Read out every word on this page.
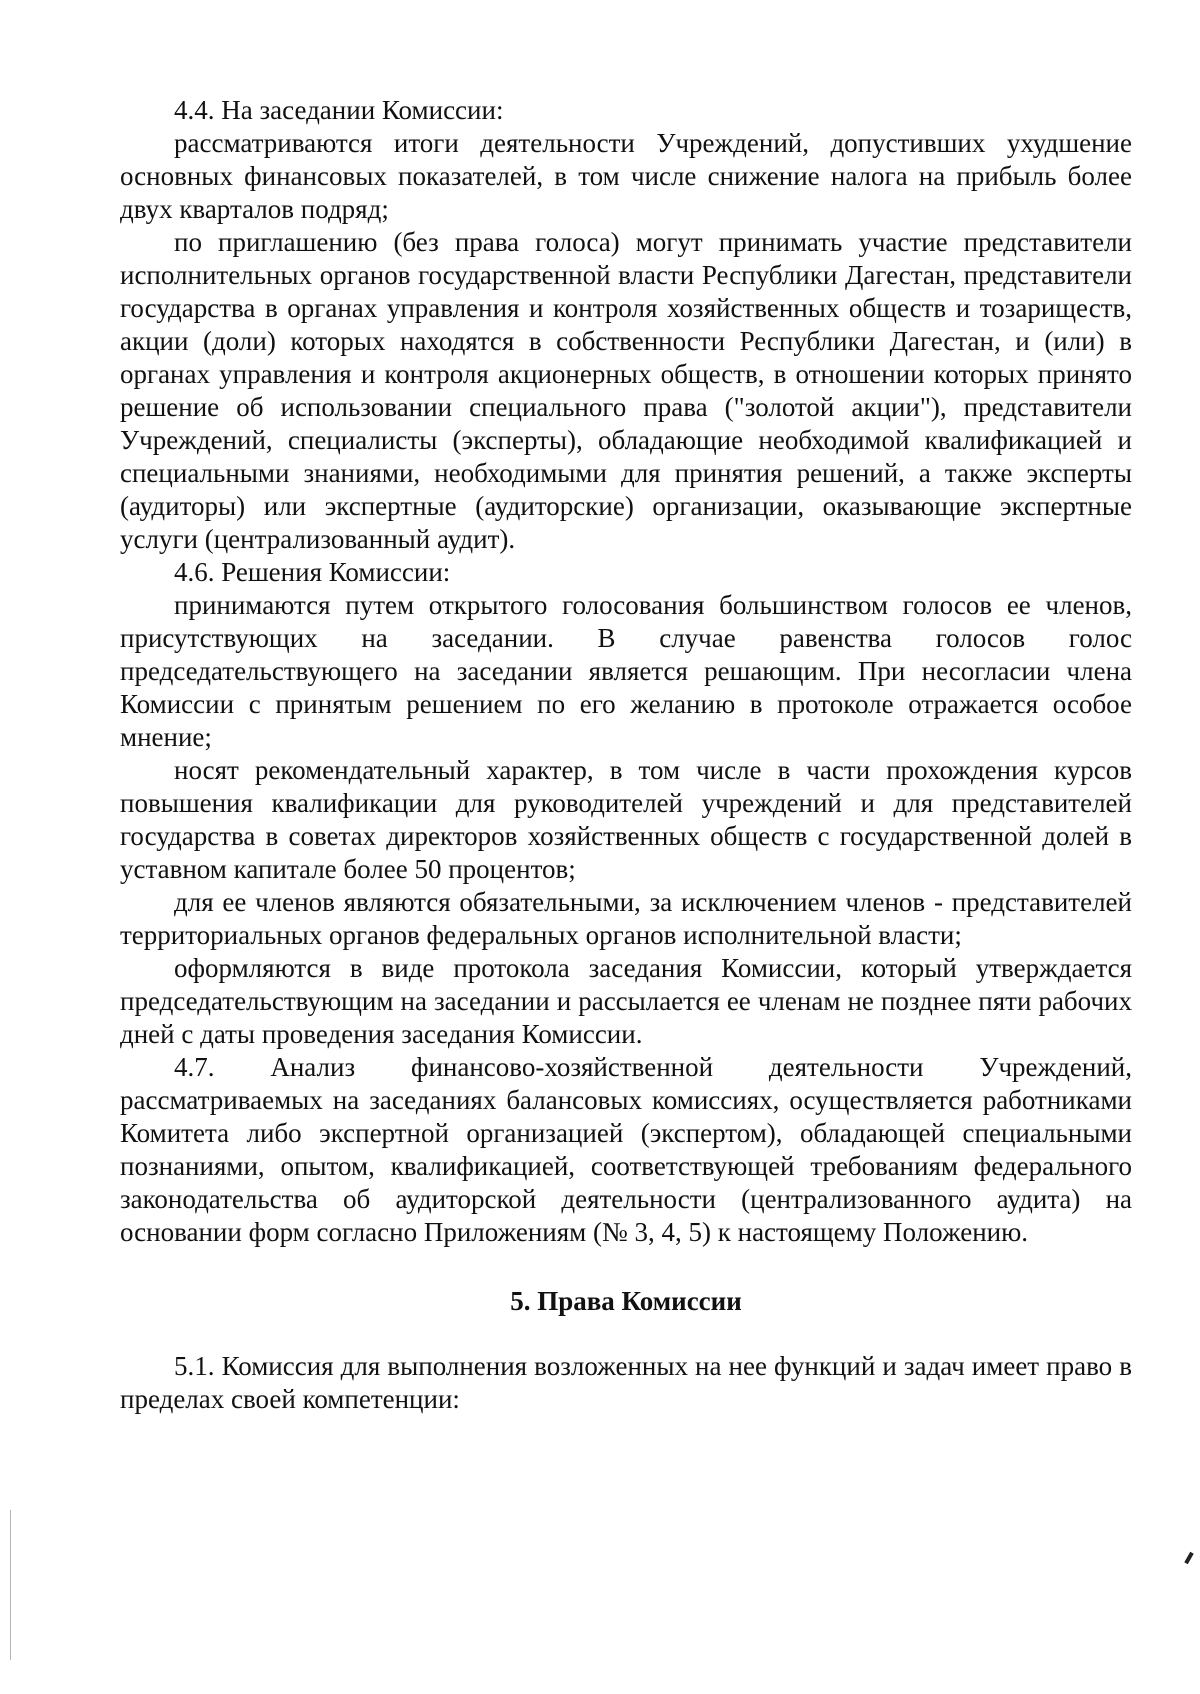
4.4. На заседании Комиссии:

рассматриваются итоги деятельности Учреждений, допустивших ухудшение основных финансовых показателей, в том числе снижение налога на прибыль более двух кварталов подряд;

по приглашению (без права голоса) могут принимать участие представители исполнительных органов государственной власти Республики Дагестан, представители государства в органах управления и контроля хозяйственных обществ и тозариществ, акции (доли) которых находятся в собственности Республики Дагестан, и (или) в органах управления и контроля акционерных обществ, в отношении которых принято решение об использовании специального права ("золотой акции"), представители Учреждений, специалисты (эксперты), обладающие необходимой квалификацией и специальными знаниями, необходимыми для принятия решений, а также эксперты (аудиторы) или экспертные (аудиторские) организации, оказывающие экспертные услуги (централизованный аудит).

4.6. Решения Комиссии:

принимаются путем открытого голосования большинством голосов ее членов, присутствующих на заседании. В случае равенства голосов голос председательствующего на заседании является решающим. При несогласии члена Комиссии с принятым решением по его желанию в протоколе отражается особое мнение;

носят рекомендательный характер, в том числе в части прохождения курсов повышения квалификации для руководителей учреждений и для представителей государства в советах директоров хозяйственных обществ с государственной долей в уставном капитале более 50 процентов;

для ее членов являются обязательными, за исключением членов - представителей территориальных органов федеральных органов исполнительной власти;

оформляются в виде протокола заседания Комиссии, который утверждается председательствующим на заседании и рассылается ее членам не позднее пяти рабочих дней с даты проведения заседания Комиссии.

4.7. Анализ финансово-хозяйственной деятельности Учреждений, рассматриваемых на заседаниях балансовых комиссиях, осуществляется работниками Комитета либо экспертной организацией (экспертом), обладающей специальными познаниями, опытом, квалификацией, соответствующей требованиям федерального законодательства об аудиторской деятельности (централизованного аудита) на основании форм согласно Приложениям (№ 3, 4, 5) к настоящему Положению.

5. Права Комиссии

5.1. Комиссия для выполнения возложенных на нее функций и задач имеет право в пределах своей компетенции:
